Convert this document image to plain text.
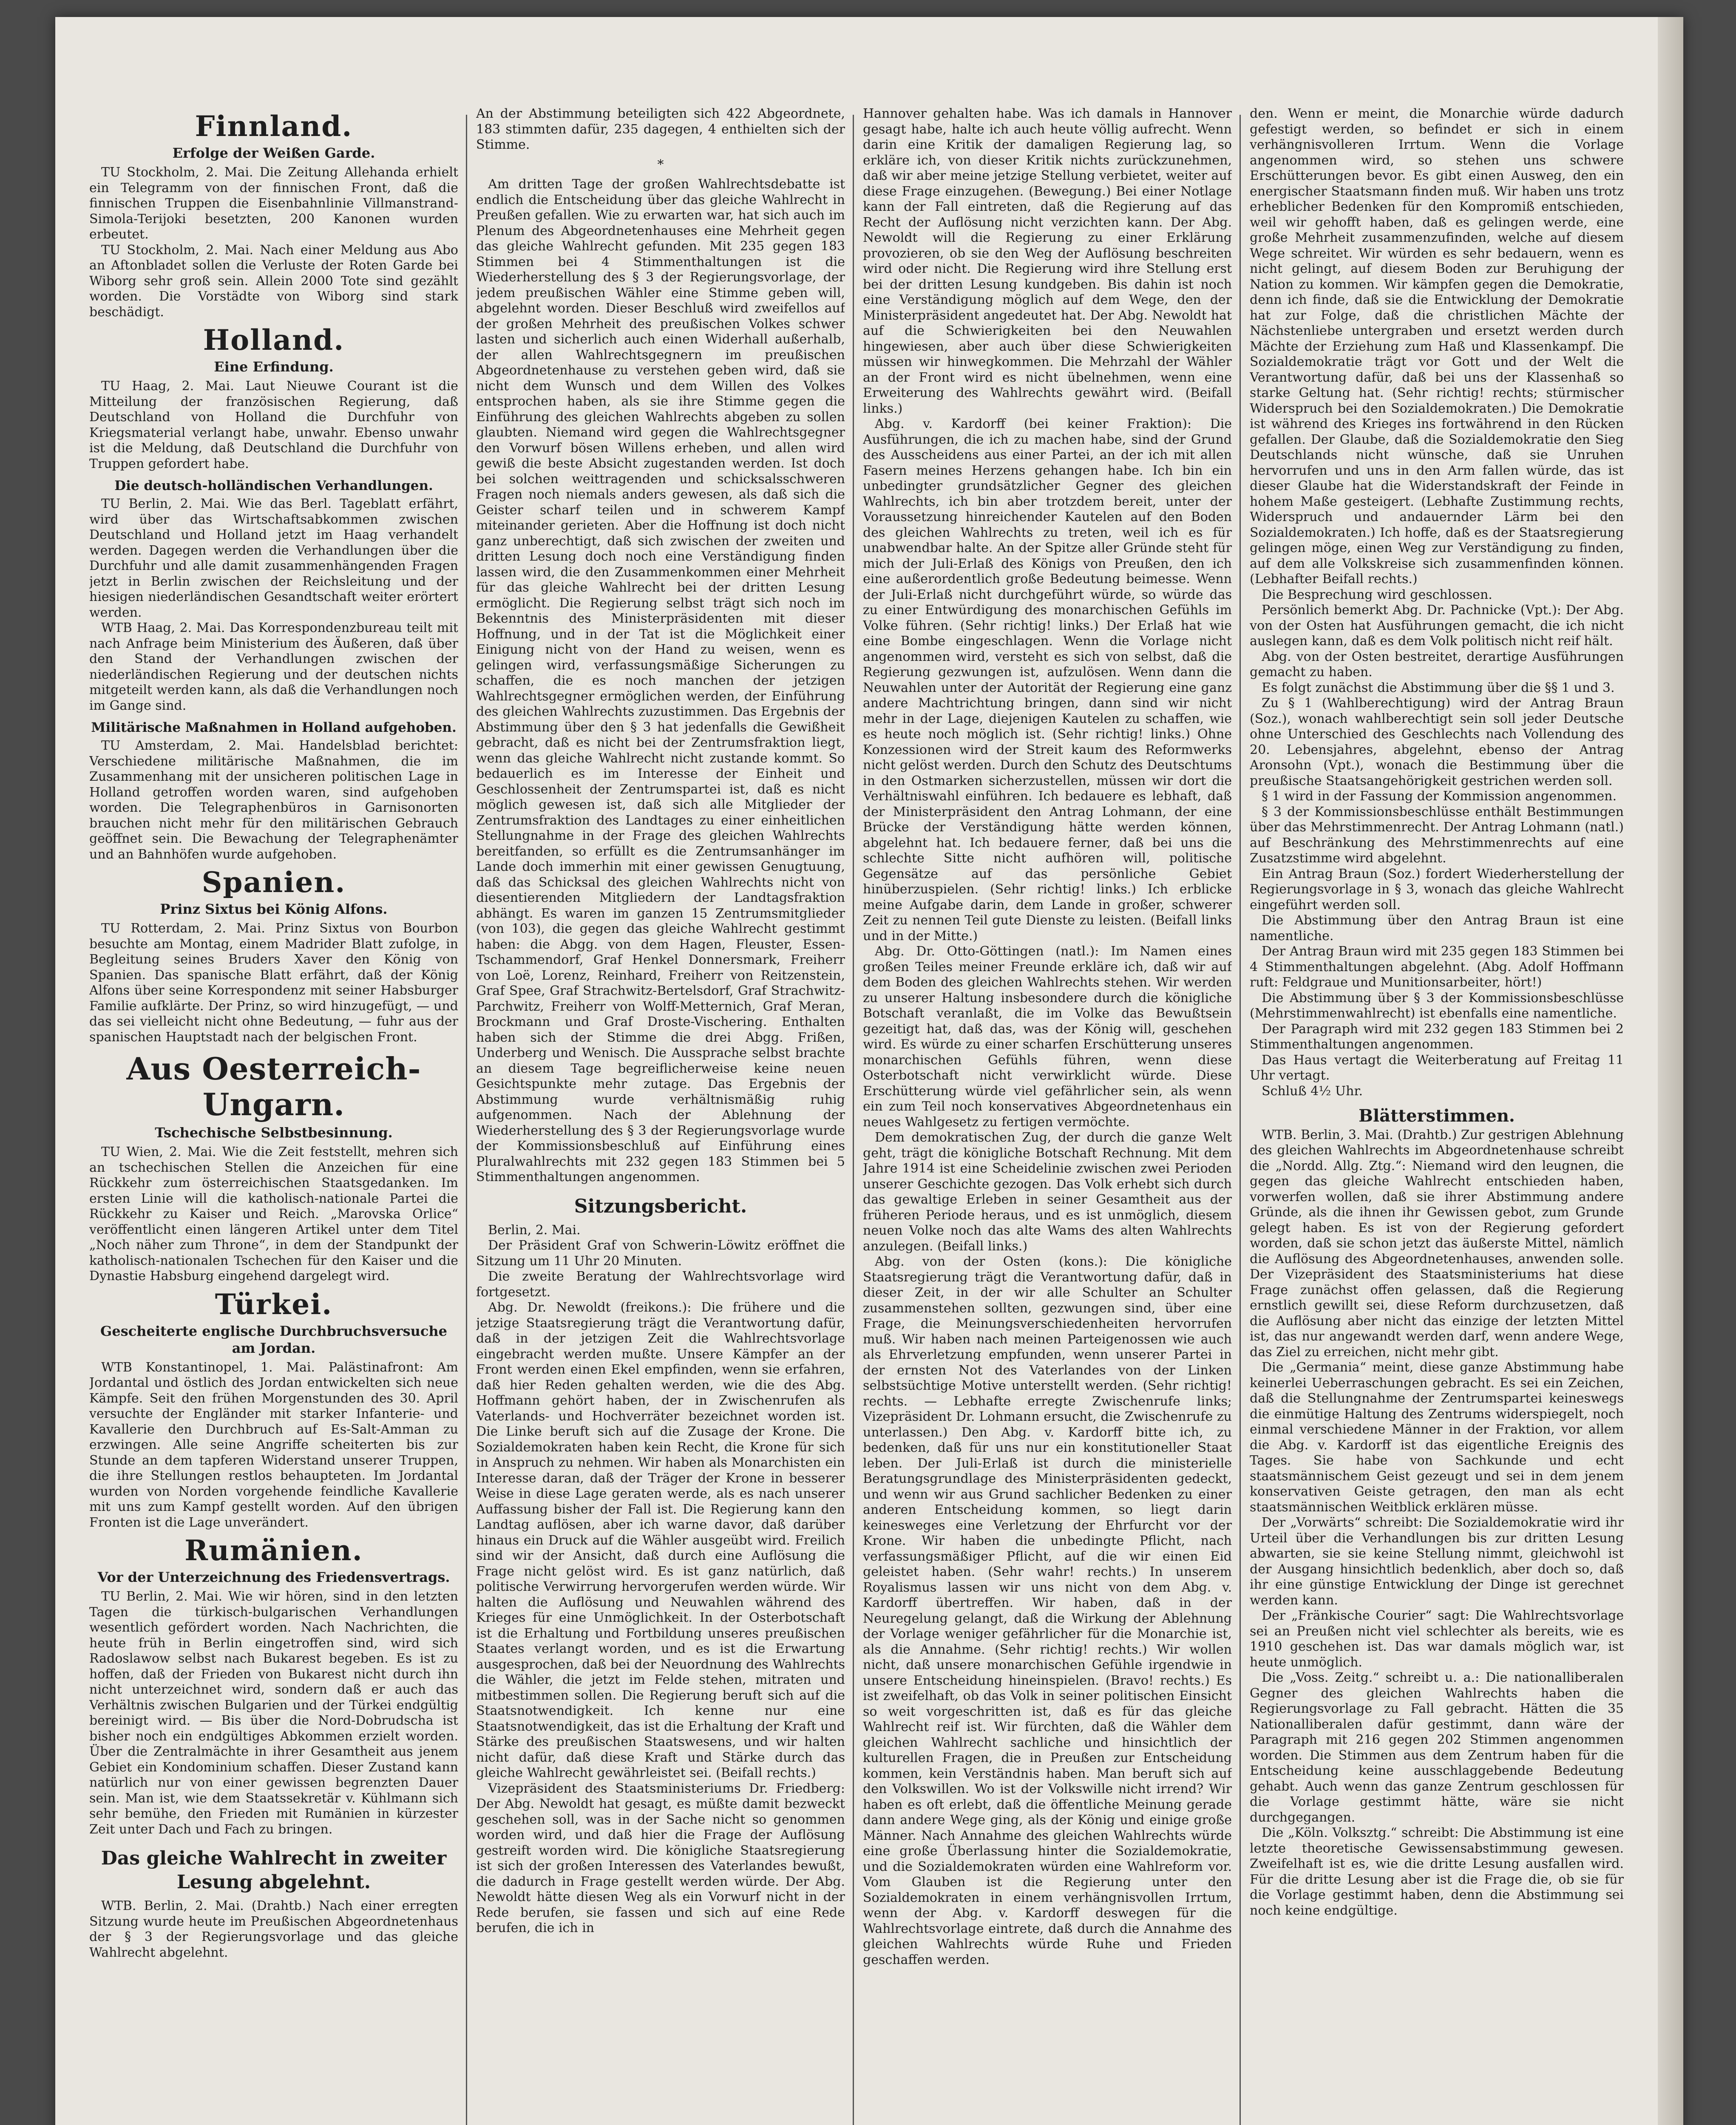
Finnland.
Erfolge der Weißen Garde.

TU Stockholm, 2. Mai. Die Zeitung Allehanda erhielt ein Telegramm von der finnischen Front, daß die finnischen Truppen die Eisenbahnlinie Villmanstrand-Simola-Terijoki besetzten, 200 Kanonen wurden erbeutet.

TU Stockholm, 2. Mai. Nach einer Meldung aus Abo an Aftonbladet sollen die Verluste der Roten Garde bei Wiborg sehr groß sein. Allein 2000 Tote sind gezählt worden. Die Vorstädte von Wiborg sind stark beschädigt.

Holland.
Eine Erfindung.

TU Haag, 2. Mai. Laut Nieuwe Courant ist die Mitteilung der französischen Regierung, daß Deutschland von Holland die Durchfuhr von Kriegsmaterial verlangt habe, unwahr. Ebenso unwahr ist die Meldung, daß Deutschland die Durchfuhr von Truppen gefordert habe.

Die deutsch-holländischen Verhandlungen.

TU Berlin, 2. Mai. Wie das Berl. Tageblatt erfährt, wird über das Wirtschaftsabkommen zwischen Deutschland und Holland jetzt im Haag verhandelt werden. Dagegen werden die Verhandlungen über die Durchfuhr und alle damit zusammenhängenden Fragen jetzt in Berlin zwischen der Reichsleitung und der hiesigen niederländischen Gesandtschaft weiter erörtert werden.

WTB Haag, 2. Mai. Das Korrespondenzbureau teilt mit nach Anfrage beim Ministerium des Äußeren, daß über den Stand der Verhandlungen zwischen der niederländischen Regierung und der deutschen nichts mitgeteilt werden kann, als daß die Verhandlungen noch im Gange sind.

Militärische Maßnahmen in Holland aufgehoben.

TU Amsterdam, 2. Mai. Handelsblad berichtet: Verschiedene militärische Maßnahmen, die im Zusammenhang mit der unsicheren politischen Lage in Holland getroffen worden waren, sind aufgehoben worden. Die Telegraphenbüros in Garnisonorten brauchen nicht mehr für den militärischen Gebrauch geöffnet sein. Die Bewachung der Telegraphenämter und an Bahnhöfen wurde aufgehoben.

Spanien.
Prinz Sixtus bei König Alfons.

TU Rotterdam, 2. Mai. Prinz Sixtus von Bourbon besuchte am Montag, einem Madrider Blatt zufolge, in Begleitung seines Bruders Xaver den König von Spanien. Das spanische Blatt erfährt, daß der König Alfons über seine Korrespondenz mit seiner Habsburger Familie aufklärte. Der Prinz, so wird hinzugefügt, — und das sei vielleicht nicht ohne Bedeutung, — fuhr aus der spanischen Hauptstadt nach der belgischen Front.

Aus Oesterreich-Ungarn.
Tschechische Selbstbesinnung.

TU Wien, 2. Mai. Wie die Zeit feststellt, mehren sich an tschechischen Stellen die Anzeichen für eine Rückkehr zum österreichischen Staatsgedanken. Im ersten Linie will die katholisch-nationale Partei die Rückkehr zu Kaiser und Reich. „Marovska Orlice“ veröffentlicht einen längeren Artikel unter dem Titel „Noch näher zum Throne“, in dem der Standpunkt der katholisch-nationalen Tschechen für den Kaiser und die Dynastie Habsburg eingehend dargelegt wird.

Türkei.
Gescheiterte englische Durchbruchsversuche am Jordan.

WTB Konstantinopel, 1. Mai. Palästinafront: Am Jordantal und östlich des Jordan entwickelten sich neue Kämpfe. Seit den frühen Morgenstunden des 30. April versuchte der Engländer mit starker Infanterie- und Kavallerie den Durchbruch auf Es-Salt-Amman zu erzwingen. Alle seine Angriffe scheiterten bis zur Stunde an dem tapferen Widerstand unserer Truppen, die ihre Stellungen restlos behaupteten. Im Jordantal wurden von Norden vorgehende feindliche Kavallerie mit uns zum Kampf gestellt worden. Auf den übrigen Fronten ist die Lage unverändert.

Rumänien.
Vor der Unterzeichnung des Friedensvertrags.

TU Berlin, 2. Mai. Wie wir hören, sind in den letzten Tagen die türkisch-bulgarischen Verhandlungen wesentlich gefördert worden. Nach Nachrichten, die heute früh in Berlin eingetroffen sind, wird sich Radoslawow selbst nach Bukarest begeben. Es ist zu hoffen, daß der Frieden von Bukarest nicht durch ihn nicht unterzeichnet wird, sondern daß er auch das Verhältnis zwischen Bulgarien und der Türkei endgültig bereinigt wird. — Bis über die Nord-Dobrudscha ist bisher noch ein endgültiges Abkommen erzielt worden. Über die Zentralmächte in ihrer Gesamtheit aus jenem Gebiet ein Kondominium schaffen. Dieser Zustand kann natürlich nur von einer gewissen begrenzten Dauer sein. Man ist, wie dem Staatssekretär v. Kühlmann sich sehr bemühe, den Frieden mit Rumänien in kürzester Zeit unter Dach und Fach zu bringen.

Das gleiche Wahlrecht in zweiter Lesung abgelehnt.

WTB. Berlin, 2. Mai. (Drahtb.) Nach einer erregten Sitzung wurde heute im Preußischen Abgeordnetenhaus der § 3 der Regierungsvorlage und das gleiche Wahlrecht abgelehnt.

An der Abstimmung beteiligten sich 422 Abgeordnete, 183 stimmten dafür, 235 dagegen, 4 enthielten sich der Stimme.

*

Am dritten Tage der großen Wahlrechtsdebatte ist endlich die Entscheidung über das gleiche Wahlrecht in Preußen gefallen. Wie zu erwarten war, hat sich auch im Plenum des Abgeordnetenhauses eine Mehrheit gegen das gleiche Wahlrecht gefunden. Mit 235 gegen 183 Stimmen bei 4 Stimmenthaltungen ist die Wiederherstellung des § 3 der Regierungsvorlage, der jedem preußischen Wähler eine Stimme geben will, abgelehnt worden. Dieser Beschluß wird zweifellos auf der großen Mehrheit des preußischen Volkes schwer lasten und sicherlich auch einen Widerhall außerhalb, der allen Wahlrechtsgegnern im preußischen Abgeordnetenhause zu verstehen geben wird, daß sie nicht dem Wunsch und dem Willen des Volkes entsprochen haben, als sie ihre Stimme gegen die Einführung des gleichen Wahlrechts abgeben zu sollen glaubten. Niemand wird gegen die Wahlrechtsgegner den Vorwurf bösen Willens erheben, und allen wird gewiß die beste Absicht zugestanden werden. Ist doch bei solchen weittragenden und schicksalsschweren Fragen noch niemals anders gewesen, als daß sich die Geister scharf teilen und in schwerem Kampf miteinander gerieten. Aber die Hoffnung ist doch nicht ganz unberechtigt, daß sich zwischen der zweiten und dritten Lesung doch noch eine Verständigung finden lassen wird, die den Zusammenkommen einer Mehrheit für das gleiche Wahlrecht bei der dritten Lesung ermöglicht. Die Regierung selbst trägt sich noch im Bekenntnis des Ministerpräsidenten mit dieser Hoffnung, und in der Tat ist die Möglichkeit einer Einigung nicht von der Hand zu weisen, wenn es gelingen wird, verfassungsmäßige Sicherungen zu schaffen, die es noch manchen der jetzigen Wahlrechtsgegner ermöglichen werden, der Einführung des gleichen Wahlrechts zuzustimmen. Das Ergebnis der Abstimmung über den § 3 hat jedenfalls die Gewißheit gebracht, daß es nicht bei der Zentrumsfraktion liegt, wenn das gleiche Wahlrecht nicht zustande kommt. So bedauerlich es im Interesse der Einheit und Geschlossenheit der Zentrumspartei ist, daß es nicht möglich gewesen ist, daß sich alle Mitglieder der Zentrumsfraktion des Landtages zu einer einheitlichen Stellungnahme in der Frage des gleichen Wahlrechts bereitfanden, so erfüllt es die Zentrumsanhänger im Lande doch immerhin mit einer gewissen Genugtuung, daß das Schicksal des gleichen Wahlrechts nicht von diesentierenden Mitgliedern der Landtagsfraktion abhängt. Es waren im ganzen 15 Zentrumsmitglieder (von 103), die gegen das gleiche Wahlrecht gestimmt haben: die Abgg. von dem Hagen, Fleuster, Essen-Tschammendorf, Graf Henkel Donnersmark, Freiherr von Loë, Lorenz, Reinhard, Freiherr von Reitzenstein, Graf Spee, Graf Strachwitz-Bertelsdorf, Graf Strachwitz-Parchwitz, Freiherr von Wolff-Metternich, Graf Meran, Brockmann und Graf Droste-Vischering. Enthalten haben sich der Stimme die drei Abgg. Frißen, Underberg und Wenisch. Die Aussprache selbst brachte an diesem Tage begreiflicherweise keine neuen Gesichtspunkte mehr zutage. Das Ergebnis der Abstimmung wurde verhältnismäßig ruhig aufgenommen. Nach der Ablehnung der Wiederherstellung des § 3 der Regierungsvorlage wurde der Kommissionsbeschluß auf Einführung eines Pluralwahlrechts mit 232 gegen 183 Stimmen bei 5 Stimmenthaltungen angenommen.

Sitzungsbericht.

Berlin, 2. Mai.

Der Präsident Graf von Schwerin-Löwitz eröffnet die Sitzung um 11 Uhr 20 Minuten.

Die zweite Beratung der Wahlrechtsvorlage wird fortgesetzt.

Abg. Dr. Newoldt (freikons.): Die frühere und die jetzige Staatsregierung trägt die Verantwortung dafür, daß in der jetzigen Zeit die Wahlrechtsvorlage eingebracht werden mußte. Unsere Kämpfer an der Front werden einen Ekel empfinden, wenn sie erfahren, daß hier Reden gehalten werden, wie die des Abg. Hoffmann gehört haben, der in Zwischenrufen als Vaterlands- und Hochverräter bezeichnet worden ist. Die Linke beruft sich auf die Zusage der Krone. Die Sozialdemokraten haben kein Recht, die Krone für sich in Anspruch zu nehmen. Wir haben als Monarchisten ein Interesse daran, daß der Träger der Krone in besserer Weise in diese Lage geraten werde, als es nach unserer Auffassung bisher der Fall ist. Die Regierung kann den Landtag auflösen, aber ich warne davor, daß darüber hinaus ein Druck auf die Wähler ausgeübt wird. Freilich sind wir der Ansicht, daß durch eine Auflösung die Frage nicht gelöst wird. Es ist ganz natürlich, daß politische Verwirrung hervorgerufen werden würde. Wir halten die Auflösung und Neuwahlen während des Krieges für eine Unmöglichkeit. In der Osterbotschaft ist die Erhaltung und Fortbildung unseres preußischen Staates verlangt worden, und es ist die Erwartung ausgesprochen, daß bei der Neuordnung des Wahlrechts die Wähler, die jetzt im Felde stehen, mitraten und mitbestimmen sollen. Die Regierung beruft sich auf die Staatsnotwendigkeit. Ich kenne nur eine Staatsnotwendigkeit, das ist die Erhaltung der Kraft und Stärke des preußischen Staatswesens, und wir halten nicht dafür, daß diese Kraft und Stärke durch das gleiche Wahlrecht gewährleistet sei. (Beifall rechts.)

Vizepräsident des Staatsministeriums Dr. Friedberg: Der Abg. Newoldt hat gesagt, es müßte damit bezweckt geschehen soll, was in der Sache nicht so genommen worden wird, und daß hier die Frage der Auflösung gestreift worden wird. Die königliche Staatsregierung ist sich der großen Interessen des Vaterlandes bewußt, die dadurch in Frage gestellt werden würde. Der Abg. Newoldt hätte diesen Weg als ein Vorwurf nicht in der Rede berufen, sie fassen und sich auf eine Rede berufen, die ich in

Hannover gehalten habe. Was ich damals in Hannover gesagt habe, halte ich auch heute völlig aufrecht. Wenn darin eine Kritik der damaligen Regierung lag, so erkläre ich, von dieser Kritik nichts zurückzunehmen, daß wir aber meine jetzige Stellung verbietet, weiter auf diese Frage einzugehen. (Bewegung.) Bei einer Notlage kann der Fall eintreten, daß die Regierung auf das Recht der Auflösung nicht verzichten kann. Der Abg. Newoldt will die Regierung zu einer Erklärung provozieren, ob sie den Weg der Auflösung beschreiten wird oder nicht. Die Regierung wird ihre Stellung erst bei der dritten Lesung kundgeben. Bis dahin ist noch eine Verständigung möglich auf dem Wege, den der Ministerpräsident angedeutet hat. Der Abg. Newoldt hat auf die Schwierigkeiten bei den Neuwahlen hingewiesen, aber auch über diese Schwierigkeiten müssen wir hinwegkommen. Die Mehrzahl der Wähler an der Front wird es nicht übelnehmen, wenn eine Erweiterung des Wahlrechts gewährt wird. (Beifall links.)

Abg. v. Kardorff (bei keiner Fraktion): Die Ausführungen, die ich zu machen habe, sind der Grund des Ausscheidens aus einer Partei, an der ich mit allen Fasern meines Herzens gehangen habe. Ich bin ein unbedingter grundsätzlicher Gegner des gleichen Wahlrechts, ich bin aber trotzdem bereit, unter der Voraussetzung hinreichender Kautelen auf den Boden des gleichen Wahlrechts zu treten, weil ich es für unabwendbar halte. An der Spitze aller Gründe steht für mich der Juli-Erlaß des Königs von Preußen, den ich eine außerordentlich große Bedeutung beimesse. Wenn der Juli-Erlaß nicht durchgeführt würde, so würde das zu einer Entwürdigung des monarchischen Gefühls im Volke führen. (Sehr richtig! links.) Der Erlaß hat wie eine Bombe eingeschlagen. Wenn die Vorlage nicht angenommen wird, versteht es sich von selbst, daß die Regierung gezwungen ist, aufzulösen. Wenn dann die Neuwahlen unter der Autorität der Regierung eine ganz andere Machtrichtung bringen, dann sind wir nicht mehr in der Lage, diejenigen Kautelen zu schaffen, wie es heute noch möglich ist. (Sehr richtig! links.) Ohne Konzessionen wird der Streit kaum des Reformwerks nicht gelöst werden. Durch den Schutz des Deutschtums in den Ostmarken sicherzustellen, müssen wir dort die Verhältniswahl einführen. Ich bedauere es lebhaft, daß der Ministerpräsident den Antrag Lohmann, der eine Brücke der Verständigung hätte werden können, abgelehnt hat. Ich bedauere ferner, daß bei uns die schlechte Sitte nicht aufhören will, politische Gegensätze auf das persönliche Gebiet hinüberzuspielen. (Sehr richtig! links.) Ich erblicke meine Aufgabe darin, dem Lande in großer, schwerer Zeit zu nennen Teil gute Dienste zu leisten. (Beifall links und in der Mitte.)

Abg. Dr. Otto-Göttingen (natl.): Im Namen eines großen Teiles meiner Freunde erkläre ich, daß wir auf dem Boden des gleichen Wahlrechts stehen. Wir werden zu unserer Haltung insbesondere durch die königliche Botschaft veranlaßt, die im Volke das Bewußtsein gezeitigt hat, daß das, was der König will, geschehen wird. Es würde zu einer scharfen Erschütterung unseres monarchischen Gefühls führen, wenn diese Osterbotschaft nicht verwirklicht würde. Diese Erschütterung würde viel gefährlicher sein, als wenn ein zum Teil noch konservatives Abgeordnetenhaus ein neues Wahlgesetz zu fertigen vermöchte.

Dem demokratischen Zug, der durch die ganze Welt geht, trägt die königliche Botschaft Rechnung. Mit dem Jahre 1914 ist eine Scheidelinie zwischen zwei Perioden unserer Geschichte gezogen. Das Volk erhebt sich durch das gewaltige Erleben in seiner Gesamtheit aus der früheren Periode heraus, und es ist unmöglich, diesem neuen Volke noch das alte Wams des alten Wahlrechts anzulegen. (Beifall links.)

Abg. von der Osten (kons.): Die königliche Staatsregierung trägt die Verantwortung dafür, daß in dieser Zeit, in der wir alle Schulter an Schulter zusammenstehen sollten, gezwungen sind, über eine Frage, die Meinungsverschiedenheiten hervorrufen muß. Wir haben nach meinen Parteigenossen wie auch als Ehrverletzung empfunden, wenn unserer Partei in der ernsten Not des Vaterlandes von der Linken selbstsüchtige Motive unterstellt werden. (Sehr richtig! rechts. — Lebhafte erregte Zwischenrufe links; Vizepräsident Dr. Lohmann ersucht, die Zwischenrufe zu unterlassen.) Den Abg. v. Kardorff bitte ich, zu bedenken, daß für uns nur ein konstitutioneller Staat leben. Der Juli-Erlaß ist durch die ministerielle Beratungsgrundlage des Ministerpräsidenten gedeckt, und wenn wir aus Grund sachlicher Bedenken zu einer anderen Entscheidung kommen, so liegt darin keinesweges eine Verletzung der Ehrfurcht vor der Krone. Wir haben die unbedingte Pflicht, nach verfassungsmäßiger Pflicht, auf die wir einen Eid geleistet haben. (Sehr wahr! rechts.) In unserem Royalismus lassen wir uns nicht von dem Abg. v. Kardorff übertreffen. Wir haben, daß in der Neuregelung gelangt, daß die Wirkung der Ablehnung der Vorlage weniger gefährlicher für die Monarchie ist, als die Annahme. (Sehr richtig! rechts.) Wir wollen nicht, daß unsere monarchischen Gefühle irgendwie in unsere Entscheidung hineinspielen. (Bravo! rechts.) Es ist zweifelhaft, ob das Volk in seiner politischen Einsicht so weit vorgeschritten ist, daß es für das gleiche Wahlrecht reif ist. Wir fürchten, daß die Wähler dem gleichen Wahlrecht sachliche und hinsichtlich der kulturellen Fragen, die in Preußen zur Entscheidung kommen, kein Verständnis haben. Man beruft sich auf den Volkswillen. Wo ist der Volkswille nicht irrend? Wir haben es oft erlebt, daß die öffentliche Meinung gerade dann andere Wege ging, als der König und einige große Männer. Nach Annahme des gleichen Wahlrechts würde eine große Überlassung hinter die Sozialdemokratie, und die Sozialdemokraten würden eine Wahlreform vor. Vom Glauben ist die Regierung unter den Sozialdemokraten in einem verhängnisvollen Irrtum, wenn der Abg. v. Kardorff deswegen für die Wahlrechtsvorlage eintrete, daß durch die Annahme des gleichen Wahlrechts würde Ruhe und Frieden geschaffen werden.

den. Wenn er meint, die Monarchie würde dadurch gefestigt werden, so befindet er sich in einem verhängnisvolleren Irrtum. Wenn die Vorlage angenommen wird, so stehen uns schwere Erschütterungen bevor. Es gibt einen Ausweg, den ein energischer Staatsmann finden muß. Wir haben uns trotz erheblicher Bedenken für den Kompromiß entschieden, weil wir gehofft haben, daß es gelingen werde, eine große Mehrheit zusammenzufinden, welche auf diesem Wege schreitet. Wir würden es sehr bedauern, wenn es nicht gelingt, auf diesem Boden zur Beruhigung der Nation zu kommen. Wir kämpfen gegen die Demokratie, denn ich finde, daß sie die Entwicklung der Demokratie hat zur Folge, daß die christlichen Mächte der Nächstenliebe untergraben und ersetzt werden durch Mächte der Erziehung zum Haß und Klassenkampf. Die Sozialdemokratie trägt vor Gott und der Welt die Verantwortung dafür, daß bei uns der Klassenhaß so starke Geltung hat. (Sehr richtig! rechts; stürmischer Widerspruch bei den Sozialdemokraten.) Die Demokratie ist während des Krieges ins fortwährend in den Rücken gefallen. Der Glaube, daß die Sozialdemokratie den Sieg Deutschlands nicht wünsche, daß sie Unruhen hervorrufen und uns in den Arm fallen würde, das ist dieser Glaube hat die Widerstandskraft der Feinde in hohem Maße gesteigert. (Lebhafte Zustimmung rechts, Widerspruch und andauernder Lärm bei den Sozialdemokraten.) Ich hoffe, daß es der Staatsregierung gelingen möge, einen Weg zur Verständigung zu finden, auf dem alle Volkskreise sich zusammenfinden können. (Lebhafter Beifall rechts.)

Die Besprechung wird geschlossen.

Persönlich bemerkt Abg. Dr. Pachnicke (Vpt.): Der Abg. von der Osten hat Ausführungen gemacht, die ich nicht auslegen kann, daß es dem Volk politisch nicht reif hält.

Abg. von der Osten bestreitet, derartige Ausführungen gemacht zu haben.

Es folgt zunächst die Abstimmung über die §§ 1 und 3.

Zu § 1 (Wahlberechtigung) wird der Antrag Braun (Soz.), wonach wahlberechtigt sein soll jeder Deutsche ohne Unterschied des Geschlechts nach Vollendung des 20. Lebensjahres, abgelehnt, ebenso der Antrag Aronsohn (Vpt.), wonach die Bestimmung über die preußische Staatsangehörigkeit gestrichen werden soll.

§ 1 wird in der Fassung der Kommission angenommen.

§ 3 der Kommissionsbeschlüsse enthält Bestimmungen über das Mehrstimmenrecht. Der Antrag Lohmann (natl.) auf Beschränkung des Mehrstimmenrechts auf eine Zusatzstimme wird abgelehnt.

Ein Antrag Braun (Soz.) fordert Wiederherstellung der Regierungsvorlage in § 3, wonach das gleiche Wahlrecht eingeführt werden soll.

Die Abstimmung über den Antrag Braun ist eine namentliche.

Der Antrag Braun wird mit 235 gegen 183 Stimmen bei 4 Stimmenthaltungen abgelehnt. (Abg. Adolf Hoffmann ruft: Feldgraue und Munitionsarbeiter, hört!)

Die Abstimmung über § 3 der Kommissionsbeschlüsse (Mehrstimmenwahlrecht) ist ebenfalls eine namentliche.

Der Paragraph wird mit 232 gegen 183 Stimmen bei 2 Stimmenthaltungen angenommen.

Das Haus vertagt die Weiterberatung auf Freitag 11 Uhr vertagt.

Schluß 4½ Uhr.

Blätterstimmen.

WTB. Berlin, 3. Mai. (Drahtb.) Zur gestrigen Ablehnung des gleichen Wahlrechts im Abgeordnetenhause schreibt die „Nordd. Allg. Ztg.“: Niemand wird den leugnen, die gegen das gleiche Wahlrecht entschieden haben, vorwerfen wollen, daß sie ihrer Abstimmung andere Gründe, als die ihnen ihr Gewissen gebot, zum Grunde gelegt haben. Es ist von der Regierung gefordert worden, daß sie schon jetzt das äußerste Mittel, nämlich die Auflösung des Abgeordnetenhauses, anwenden solle. Der Vizepräsident des Staatsministeriums hat diese Frage zunächst offen gelassen, daß die Regierung ernstlich gewillt sei, diese Reform durchzusetzen, daß die Auflösung aber nicht das einzige der letzten Mittel ist, das nur angewandt werden darf, wenn andere Wege, das Ziel zu erreichen, nicht mehr gibt.

Die „Germania“ meint, diese ganze Abstimmung habe keinerlei Ueberraschungen gebracht. Es sei ein Zeichen, daß die Stellungnahme der Zentrumspartei keineswegs die einmütige Haltung des Zentrums widerspiegelt, noch einmal verschiedene Männer in der Fraktion, vor allem die Abg. v. Kardorff ist das eigentliche Ereignis des Tages. Sie habe von Sachkunde und echt staatsmännischem Geist gezeugt und sei in dem jenem konservativen Geiste getragen, den man als echt staatsmännischen Weitblick erklären müsse.

Der „Vorwärts“ schreibt: Die Sozialdemokratie wird ihr Urteil über die Verhandlungen bis zur dritten Lesung abwarten, sie sie keine Stellung nimmt, gleichwohl ist der Ausgang hinsichtlich bedenklich, aber doch so, daß ihr eine günstige Entwicklung der Dinge ist gerechnet werden kann.

Der „Fränkische Courier“ sagt: Die Wahlrechtsvorlage sei an Preußen nicht viel schlechter als bereits, wie es 1910 geschehen ist. Das war damals möglich war, ist heute unmöglich.

Die „Voss. Zeitg.“ schreibt u. a.: Die nationalliberalen Gegner des gleichen Wahlrechts haben die Regierungsvorlage zu Fall gebracht. Hätten die 35 Nationalliberalen dafür gestimmt, dann wäre der Paragraph mit 216 gegen 202 Stimmen angenommen worden. Die Stimmen aus dem Zentrum haben für die Entscheidung keine ausschlaggebende Bedeutung gehabt. Auch wenn das ganze Zentrum geschlossen für die Vorlage gestimmt hätte, wäre sie nicht durchgegangen.

Die „Köln. Volksztg.“ schreibt: Die Abstimmung ist eine letzte theoretische Gewissensabstimmung gewesen. Zweifelhaft ist es, wie die dritte Lesung ausfallen wird. Für die dritte Lesung aber ist die Frage die, ob sie für die Vorlage gestimmt haben, denn die Abstimmung sei noch keine endgültige.
